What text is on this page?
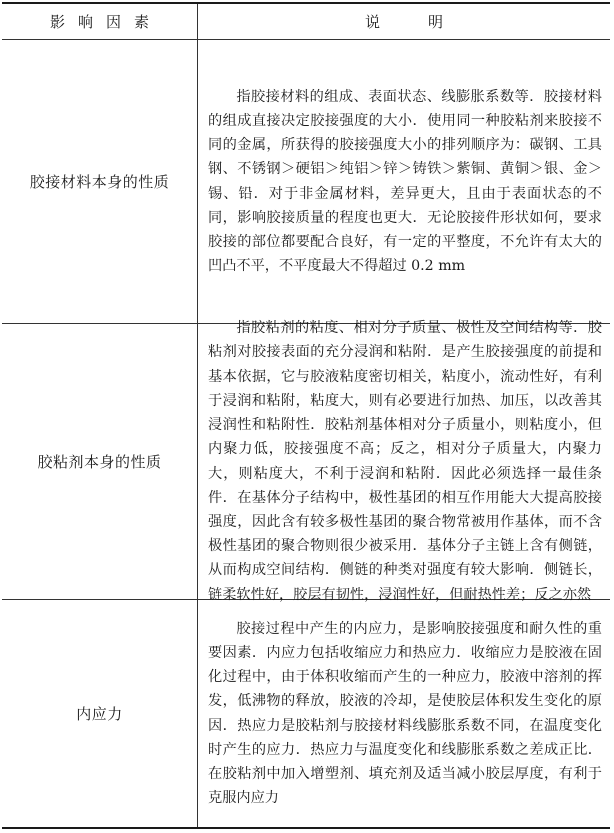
影响因素	说明
胶接材料本身的性质

指胶接材料的组成、表面状态、线膨胀系数等．胶接材料的组成直接决定胶接强度的大小．使用同一种胶粘剂来胶接不同的金属，所获得的胶接强度大小的排列顺序为：碳钢、工具钢、不锈钢＞硬铝＞纯铝＞锌＞铸铁＞紫铜、黄铜＞银、金＞锡、铅．对于非金属材料，差异更大，且由于表面状态的不同，影响胶接质量的程度也更大．无论胶接件形状如何，要求胶接的部位都要配合良好，有一定的平整度，不允许有太大的凹凸不平，不平度最大不得超过 0.2 mm

胶粘剂本身的性质

指胶粘剂的粘度、相对分子质量、极性及空间结构等．胶粘剂对胶接表面的充分浸润和粘附．是产生胶接强度的前提和基本依据，它与胶液粘度密切相关，粘度小，流动性好，有利于浸润和粘附，粘度大，则有必要进行加热、加压，以改善其浸润性和粘附性．胶粘剂基体相对分子质量小，则粘度小，但内聚力低，胶接强度不高；反之，相对分子质量大，内聚力大，则粘度大，不利于浸润和粘附．因此必须选择一最佳条件．在基体分子结构中，极性基团的相互作用能大大提高胶接强度，因此含有较多极性基团的聚合物常被用作基体，而不含极性基团的聚合物则很少被采用．基体分子主链上含有侧链，从而构成空间结构．侧链的种类对强度有较大影响．侧链长，链柔软性好，胶层有韧性，浸润性好，但耐热性差；反之亦然

内应力

胶接过程中产生的内应力，是影响胶接强度和耐久性的重要因素．内应力包括收缩应力和热应力．收缩应力是胶液在固化过程中，由于体积收缩而产生的一种应力，胶液中溶剂的挥发，低沸物的释放，胶液的冷却，是使胶层体积发生变化的原因．热应力是胶粘剂与胶接材料线膨胀系数不同，在温度变化时产生的应力．热应力与温度变化和线膨胀系数之差成正比．在胶粘剂中加入增塑剂、填充剂及适当减小胶层厚度，有利于克服内应力
